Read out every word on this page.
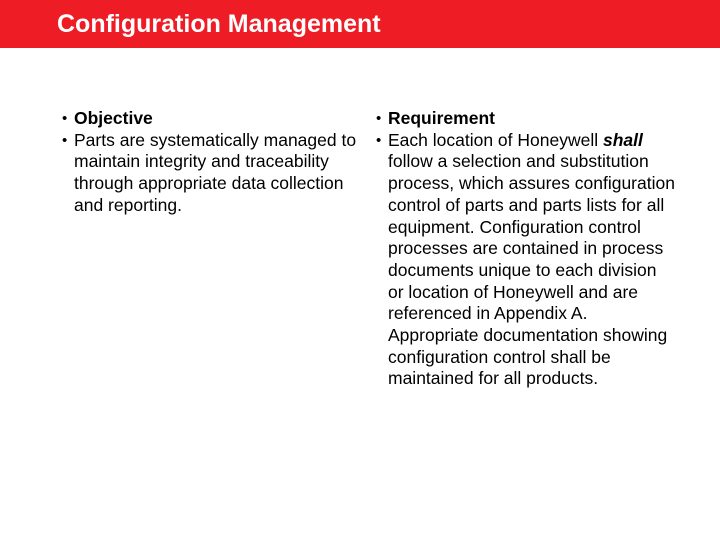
Configuration Management
• Objective
• Parts are systematically managed to maintain integrity and traceability through appropriate data collection and reporting.
• Requirement
• Each location of Honeywell shall follow a selection and substitution process, which assures configuration control of parts and parts lists for all equipment. Configuration control processes are contained in process documents unique to each division or location of Honeywell and are referenced in Appendix A. Appropriate documentation showing configuration control shall be maintained for all products.
